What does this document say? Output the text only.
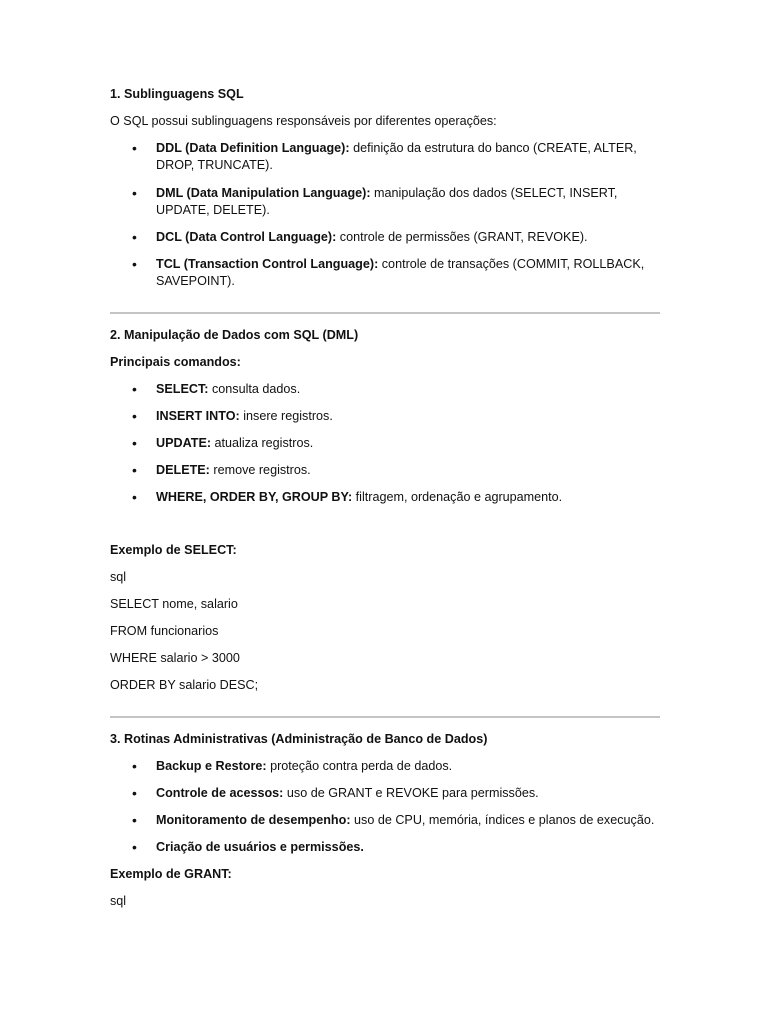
1. Sublinguagens SQL

O SQL possui sublinguagens responsáveis por diferentes operações:

• DDL (Data Definition Language): definição da estrutura do banco (CREATE, ALTER, DROP, TRUNCATE).
• DML (Data Manipulation Language): manipulação dos dados (SELECT, INSERT, UPDATE, DELETE).
• DCL (Data Control Language): controle de permissões (GRANT, REVOKE).
• TCL (Transaction Control Language): controle de transações (COMMIT, ROLLBACK, SAVEPOINT).

2. Manipulação de Dados com SQL (DML)

Principais comandos:

• SELECT: consulta dados.
• INSERT INTO: insere registros.
• UPDATE: atualiza registros.
• DELETE: remove registros.
• WHERE, ORDER BY, GROUP BY: filtragem, ordenação e agrupamento.

Exemplo de SELECT:

sql

SELECT nome, salario

FROM funcionarios

WHERE salario > 3000

ORDER BY salario DESC;

3. Rotinas Administrativas (Administração de Banco de Dados)

• Backup e Restore: proteção contra perda de dados.
• Controle de acessos: uso de GRANT e REVOKE para permissões.
• Monitoramento de desempenho: uso de CPU, memória, índices e planos de execução.
• Criação de usuários e permissões.

Exemplo de GRANT:

sql
